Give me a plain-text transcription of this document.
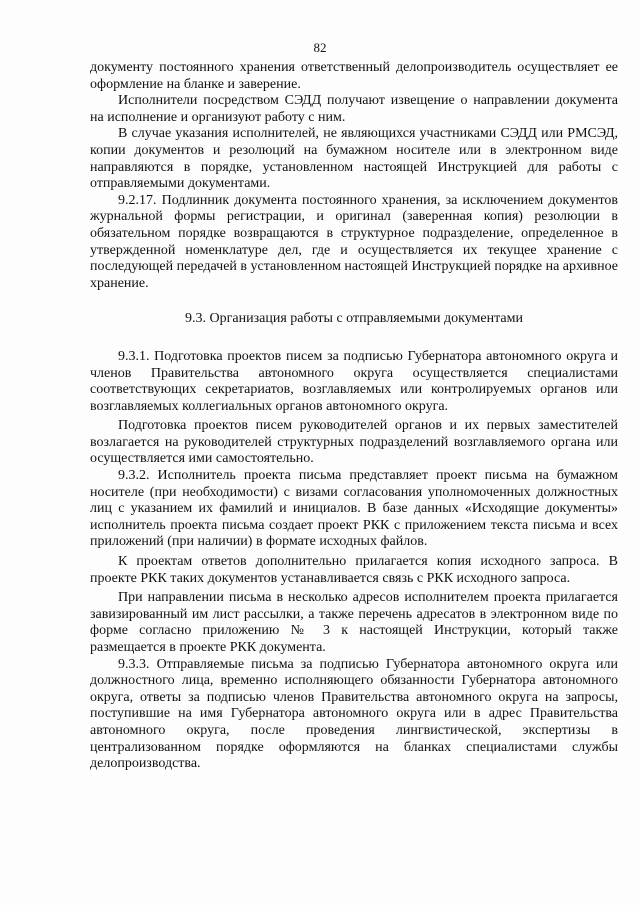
82

документу постоянного хранения ответственный делопроизводитель осуществляет ее оформление на бланке и заверение.

Исполнители посредством СЭДД получают извещение о направлении документа на исполнение и организуют работу с ним.

В случае указания исполнителей, не являющихся участниками СЭДД или РМСЭД, копии документов и резолюций на бумажном носителе или в электронном виде направляются в порядке, установленном настоящей Инструкцией для работы с отправляемыми документами.

9.2.17. Подлинник документа постоянного хранения, за исключением документов журнальной формы регистрации, и оригинал (заверенная копия) резолюции в обязательном порядке возвращаются в структурное подразделение, определенное в утвержденной номенклатуре дел, где и осуществляется их текущее хранение с последующей передачей в установленном настоящей Инструкцией порядке на архивное хранение.

9.3. Организация работы с отправляемыми документами

9.3.1. Подготовка проектов писем за подписью Губернатора автономного округа и членов Правительства автономного округа осуществляется специалистами соответствующих секретариатов, возглавляемых или контролируемых органов или возглавляемых коллегиальных органов автономного округа.

Подготовка проектов писем руководителей органов и их первых заместителей возлагается на руководителей структурных подразделений возглавляемого органа или осуществляется ими самостоятельно.

9.3.2. Исполнитель проекта письма представляет проект письма на бумажном носителе (при необходимости) с визами согласования уполномоченных должностных лиц с указанием их фамилий и инициалов. В базе данных «Исходящие документы» исполнитель проекта письма создает проект РКК с приложением текста письма и всех приложений (при наличии) в формате исходных файлов.

К проектам ответов дополнительно прилагается копия исходного запроса. В проекте РКК таких документов устанавливается связь с РКК исходного запроса.

При направлении письма в несколько адресов исполнителем проекта прилагается завизированный им лист рассылки, а также перечень адресатов в электронном виде по форме согласно приложению № 3 к настоящей Инструкции, который также размещается в проекте РКК документа.

9.3.3. Отправляемые письма за подписью Губернатора автономного округа или должностного лица, временно исполняющего обязанности Губернатора автономного округа, ответы за подписью членов Правительства автономного округа на запросы, поступившие на имя Губернатора автономного округа или в адрес Правительства автономного округа, после проведения лингвистической, экспертизы в централизованном порядке оформляются на бланках специалистами службы делопроизводства.
